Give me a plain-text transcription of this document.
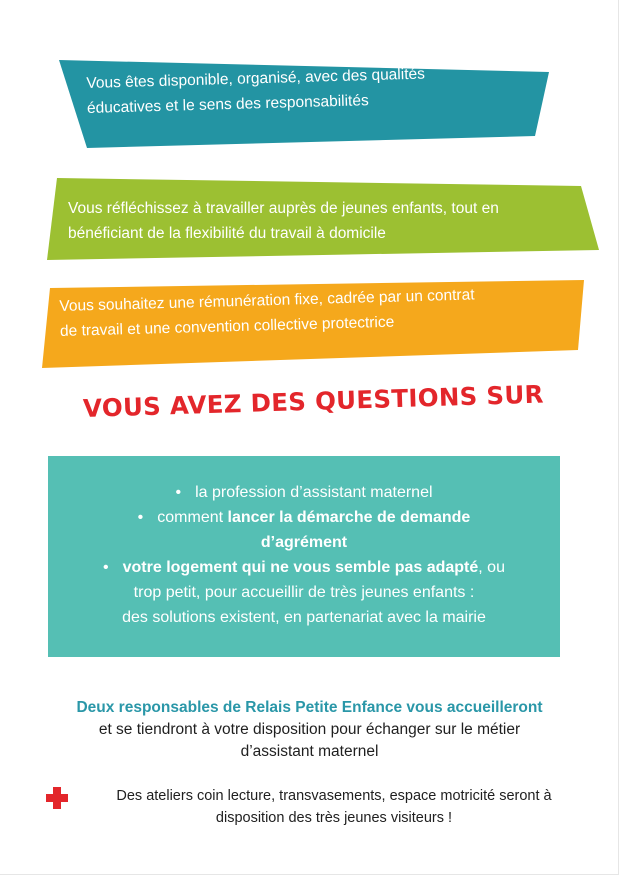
Vous êtes disponible, organisé, avec des qualités
éducatives et le sens des responsabilités
Vous réfléchissez à travailler auprès de jeunes enfants, tout en
bénéficiant de la flexibilité du travail à domicile
Vous souhaitez une rémunération fixe, cadrée par un contrat
de travail et une convention collective protectrice
VOUS AVEZ DES QUESTIONS SUR
• la profession d’assistant maternel
• comment lancer la démarche de demande
d’agrément
• votre logement qui ne vous semble pas adapté, ou
trop petit, pour accueillir de très jeunes enfants :
des solutions existent, en partenariat avec la mairie
Deux responsables de Relais Petite Enfance vous accueilleront
et se tiendront à votre disposition pour échanger sur le métier
d’assistant maternel
Des ateliers coin lecture, transvasements, espace motricité seront à
disposition des très jeunes visiteurs !
